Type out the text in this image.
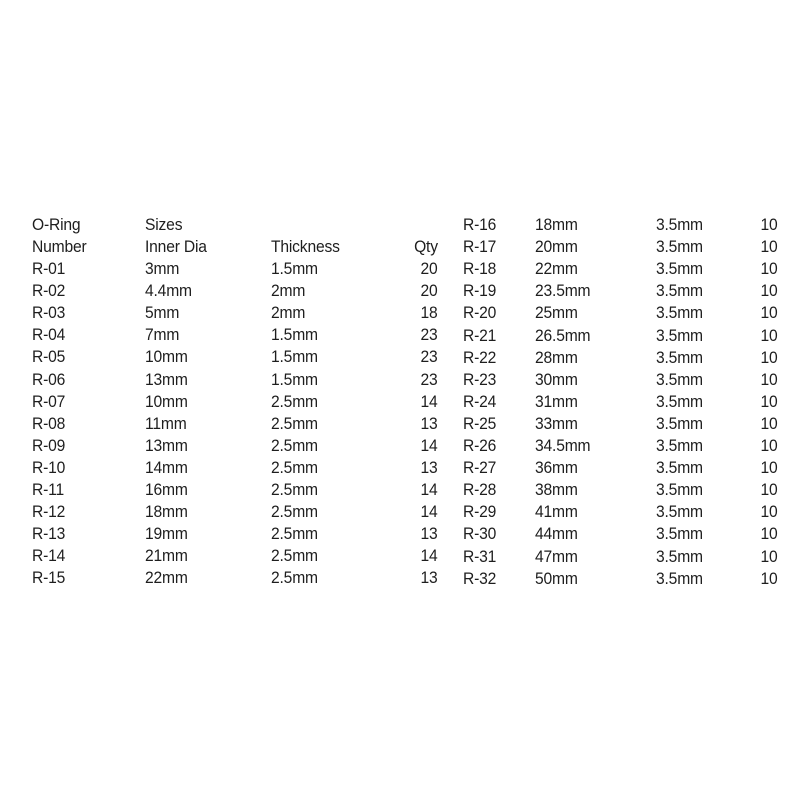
O-Ring	Sizes
Number	Inner Dia	Thickness	Qty
R-01	3mm	1.5mm	20
R-02	4.4mm	2mm	20
R-03	5mm	2mm	18
R-04	7mm	1.5mm	23
R-05	10mm	1.5mm	23
R-06	13mm	1.5mm	23
R-07	10mm	2.5mm	14
R-08	11mm	2.5mm	13
R-09	13mm	2.5mm	14
R-10	14mm	2.5mm	13
R-11	16mm	2.5mm	14
R-12	18mm	2.5mm	14
R-13	19mm	2.5mm	13
R-14	21mm	2.5mm	14
R-15	22mm	2.5mm	13
R-16 18mm	3.5mm	10
R-17 20mm	3.5mm	10
R-18 22mm	3.5mm	10
R-19 23.5mm	3.5mm	10
R-20 25mm	3.5mm	10
R-21 26.5mm	3.5mm	10
R-22 28mm	3.5mm	10
R-23 30mm	3.5mm	10
R-24 31mm	3.5mm	10
R-25 33mm	3.5mm	10
R-26 34.5mm	3.5mm	10
R-27 36mm	3.5mm	10
R-28 38mm	3.5mm	10
R-29 41mm	3.5mm	10
R-30 44mm	3.5mm	10
R-31 47mm	3.5mm	10
R-32 50mm	3.5mm	10
